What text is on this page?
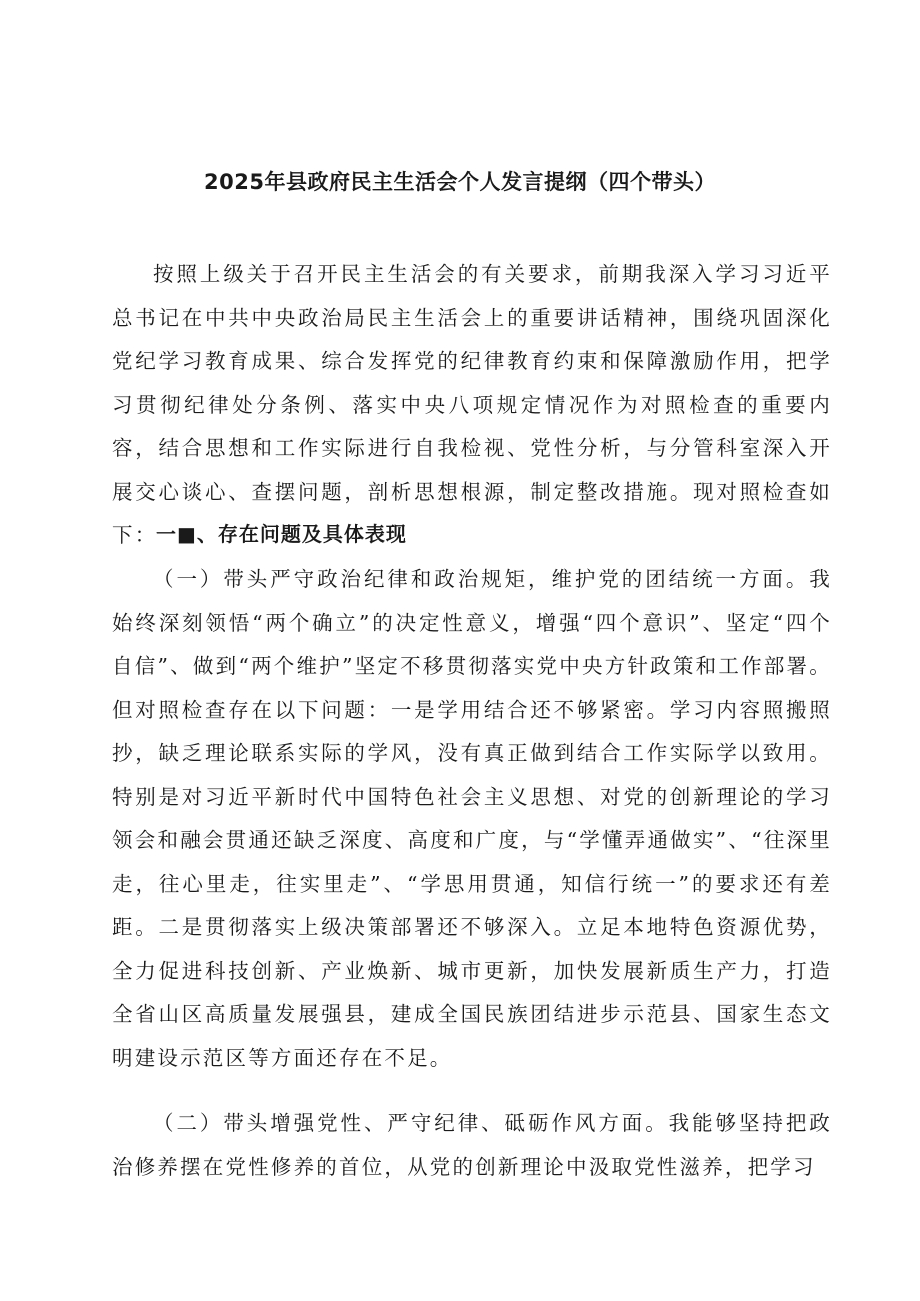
2025年县政府民主生活会个人发言提纲（四个带头）

按照上级关于召开民主生活会的有关要求，前期我深入学习习近平总书记在中共中央政治局民主生活会上的重要讲话精神，围绕巩固深化党纪学习教育成果、综合发挥党的纪律教育约束和保障激励作用，把学习贯彻纪律处分条例、落实中央八项规定情况作为对照检查的重要内容，结合思想和工作实际进行自我检视、党性分析，与分管科室深入开展交心谈心、查摆问题，剖析思想根源，制定整改措施。现对照检查如下：

一■、存在问题及具体表现

（一）带头严守政治纪律和政治规矩，维护党的团结统一方面。我始终深刻领悟“两个确立”的决定性意义，增强“四个意识”、坚定“四个自信”、做到“两个维护”坚定不移贯彻落实党中央方针政策和工作部署。但对照检查存在以下问题：一是学用结合还不够紧密。学习内容照搬照抄，缺乏理论联系实际的学风，没有真正做到结合工作实际学以致用。特别是对习近平新时代中国特色社会主义思想、对党的创新理论的学习领会和融会贯通还缺乏深度、高度和广度，与“学懂弄通做实”、“往深里走，往心里走，往实里走”、“学思用贯通，知信行统一”的要求还有差距。二是贯彻落实上级决策部署还不够深入。立足本地特色资源优势，全力促进科技创新、产业焕新、城市更新，加快发展新质生产力，打造全省山区高质量发展强县，建成全国民族团结进步示范县、国家生态文明建设示范区等方面还存在不足。

（二）带头增强党性、严守纪律、砥砺作风方面。我能够坚持把政治修养摆在党性修养的首位，从党的创新理论中汲取党性滋养，把学习
